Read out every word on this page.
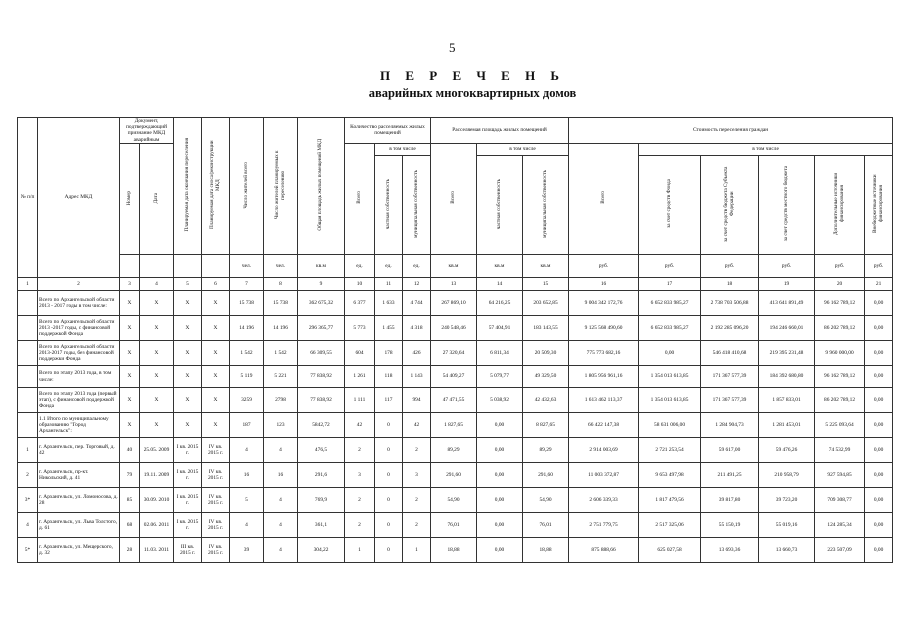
5
П Е Р Е Ч Е Н Ь
аварийных многоквартирных домов
№ п/п	Адрес МКД	Документ, подтверждающий признание МКД аварийным		Планируемая дата окончания переселения	Планируемая дата сноса/реконструкции МКД	Число жителей всего	Число жителей планируемых к переселению	Общая площадь жилых помещений МКД	Количество расселяемых жилых помещений			Расселяемая площадь жилых помещений			Стоимость переселения граждан					
		Номер	Дата						Всего	в том числе		Всего	в том числе		Всего	в том числе				
										частная собственность	муниципальная собственность		частная собственность	муниципальная собственность		за счет средств Фонда	за счет средств бюджета Субъекта Федерации	за счет средств местного бюджета	Дополнительные источники финансирования	Внебюджетные источники финансирования
						чел.	чел.	кв.м	ед.	ед.	ед.	кв.м	кв.м	кв.м	руб.	руб.	руб.	руб.	руб.	руб.
1	2	3	4	5	6	7	8	9	10	11	12	13	14	15	16	17	18	19	20	21
	Всего по Архангельской области 2013 - 2017 годы в том числе:	X	X	X	X	15 738	15 738	362 675,32	6 377	1 633	4 744	267 869,10	64 216,25	203 652,85	9 004 342 172,76	6 652 833 985,27	2 738 703 506,88	413 641 891,49	96 162 789,12	0,00
	Всего по Архангельской области 2013 -2017 годы, с финансовой поддержкой Фонда	X	X	X	X	14 196	14 196	296 365,77	5 773	1 455	4 318	240 548,46	57 404,91	183 143,55	9 125 568 490,60	6 652 833 985,27	2 192 285 096,20	194 246 660,01	86 202 789,12	0,00
	Всего по Архангельской области 2013-2017 годы, без финансовой поддержки Фонда	X	X	X	X	1 542	1 542	66 309,55	604	178	426	27 320,64	6 811,34	20 509,30	775 773 682,16	0,00	546 418 410,68	219 395 231,48	9 960 000,00	0,00
	Всего по этапу 2013 года, в том числе:	X	X	X	X	5 119	5 221	77 838,92	1 261	118	1 143	54 409,27	5 079,77	49 329,50	1 805 956 961,16	1 354 013 613,85	171 367 577,39	184 392 680,80	96 162 789,12	0,00
	Всего по этапу 2013 года (первый этап), с финансовой поддержкой Фонда	X	X	X	X	3259	2798	77 838,92	1 111	117	994	47 471,55	5 038,92	42 432,63	1 613 462 113,37	1 354 013 613,85	171 367 577,39	1 857 833,01	86 202 789,12	0,00
	1.1 Итого по муниципальному образованию "Город Архангельск":	X	X	X	X	187	123	5842,72	42	0	42	1 827,65	0,00	8 827,65	66 422 147,38	58 631 006,00	1 284 904,73	1 281 453,01	5 225 093,64	0,00
1	г. Архангельск, пер. Торговый, д. 42	40	25.05. 2009	I кв. 2015 г.	IV кв. 2015 г.	4	4	476,5	2	0	2	89,29	0,00	89,29	2 914 003,69	2 721 253,54	59 617,00	59 476,26	74 532,99	0,00
2	г. Архангельск, пр-кт. Никольский, д. 41	79	19.11. 2009	I кв. 2015 г.	IV кв. 2015 г.	16	16	291,6	3	0	3	291,60	0,00	291,60	11 003 372,87	9 653 497,98	211 491,25	210 958,79	927 594,85	0,00
3*	г. Архангельск, ул. Ломоносова, д. 28	85	30.09. 2010	I кв. 2015 г.	IV кв. 2015 г.	5	4	769,9	2	0	2	54,90	0,00	54,90	2 606 339,33	1 817 479,56	39 817,80	39 723,20	709 308,77	0,00
4	г. Архангельск, ул. Льва Толстого, д. 61	68	02.06. 2011	I кв. 2015 г.	IV кв. 2015 г.	4	4	361,1	2	0	2	76,01	0,00	76,01	2 751 779,75	2 517 325,06	55 150,19	55 019,16	124 285,34	0,00
5*	г. Архангельск, ул. Мещерского, д. 32	28	11.03. 2011	III кв. 2015 г.	IV кв. 2015 г.	39	4	304,22	1	0	1	18,88	0,00	18,88	875 888,66	625 027,58	13 693,36	13 660,73	223 507,09	0,00
